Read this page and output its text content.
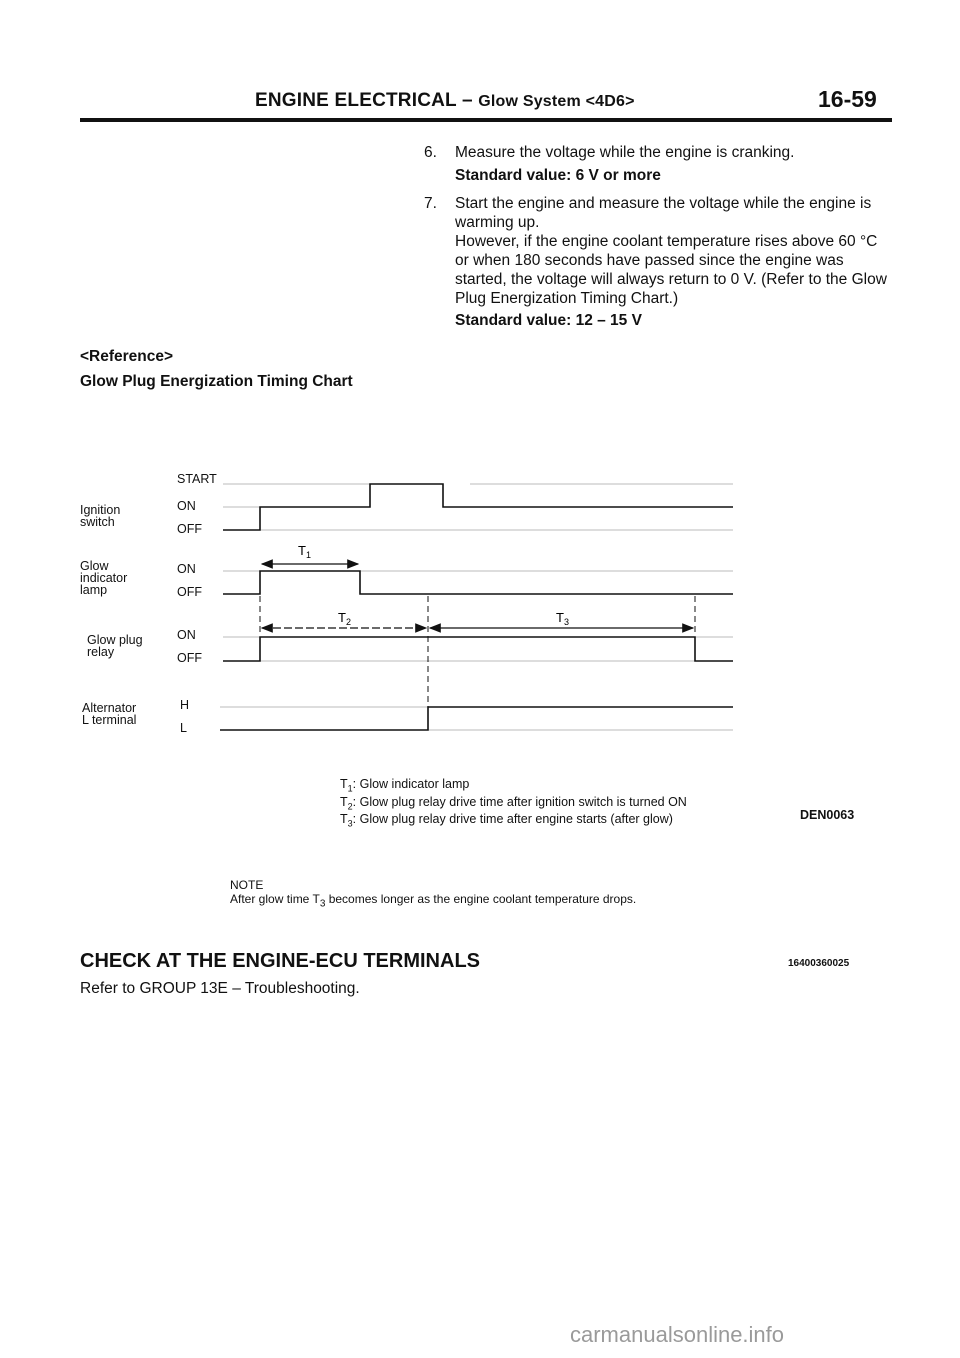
ENGINE ELECTRICAL – Glow System <4D6>	16-59
6. Measure the voltage while the engine is cranking.
Standard value: 6 V or more
7. Start the engine and measure the voltage while the engine is warming up.
However, if the engine coolant temperature rises above 60 °C or when 180 seconds have passed since the engine was started, the voltage will always return to 0 V. (Refer to the Glow Plug Energization Timing Chart.)
Standard value: 12 – 15 V
<Reference>
Glow Plug Energization Timing Chart
Ignition
switch
Glow
indicator
lamp
Glow plug
relay
Alternator
L terminal
START
ON
OFF
ON
OFF
ON
OFF
H
L
$T_1$
$T_2$	$T_3$
$T_1$: Glow indicator lamp
$T_2$: Glow plug relay drive time after ignition switch is turned ON
$T_3$: Glow plug relay drive time after engine starts (after glow)	DEN0063
NOTE
After glow time $T_3$ becomes longer as the engine coolant temperature drops.
CHECK AT THE ENGINE-ECU TERMINALS	16400360025
Refer to GROUP 13E – Troubleshooting.
carmanualsonline.info
